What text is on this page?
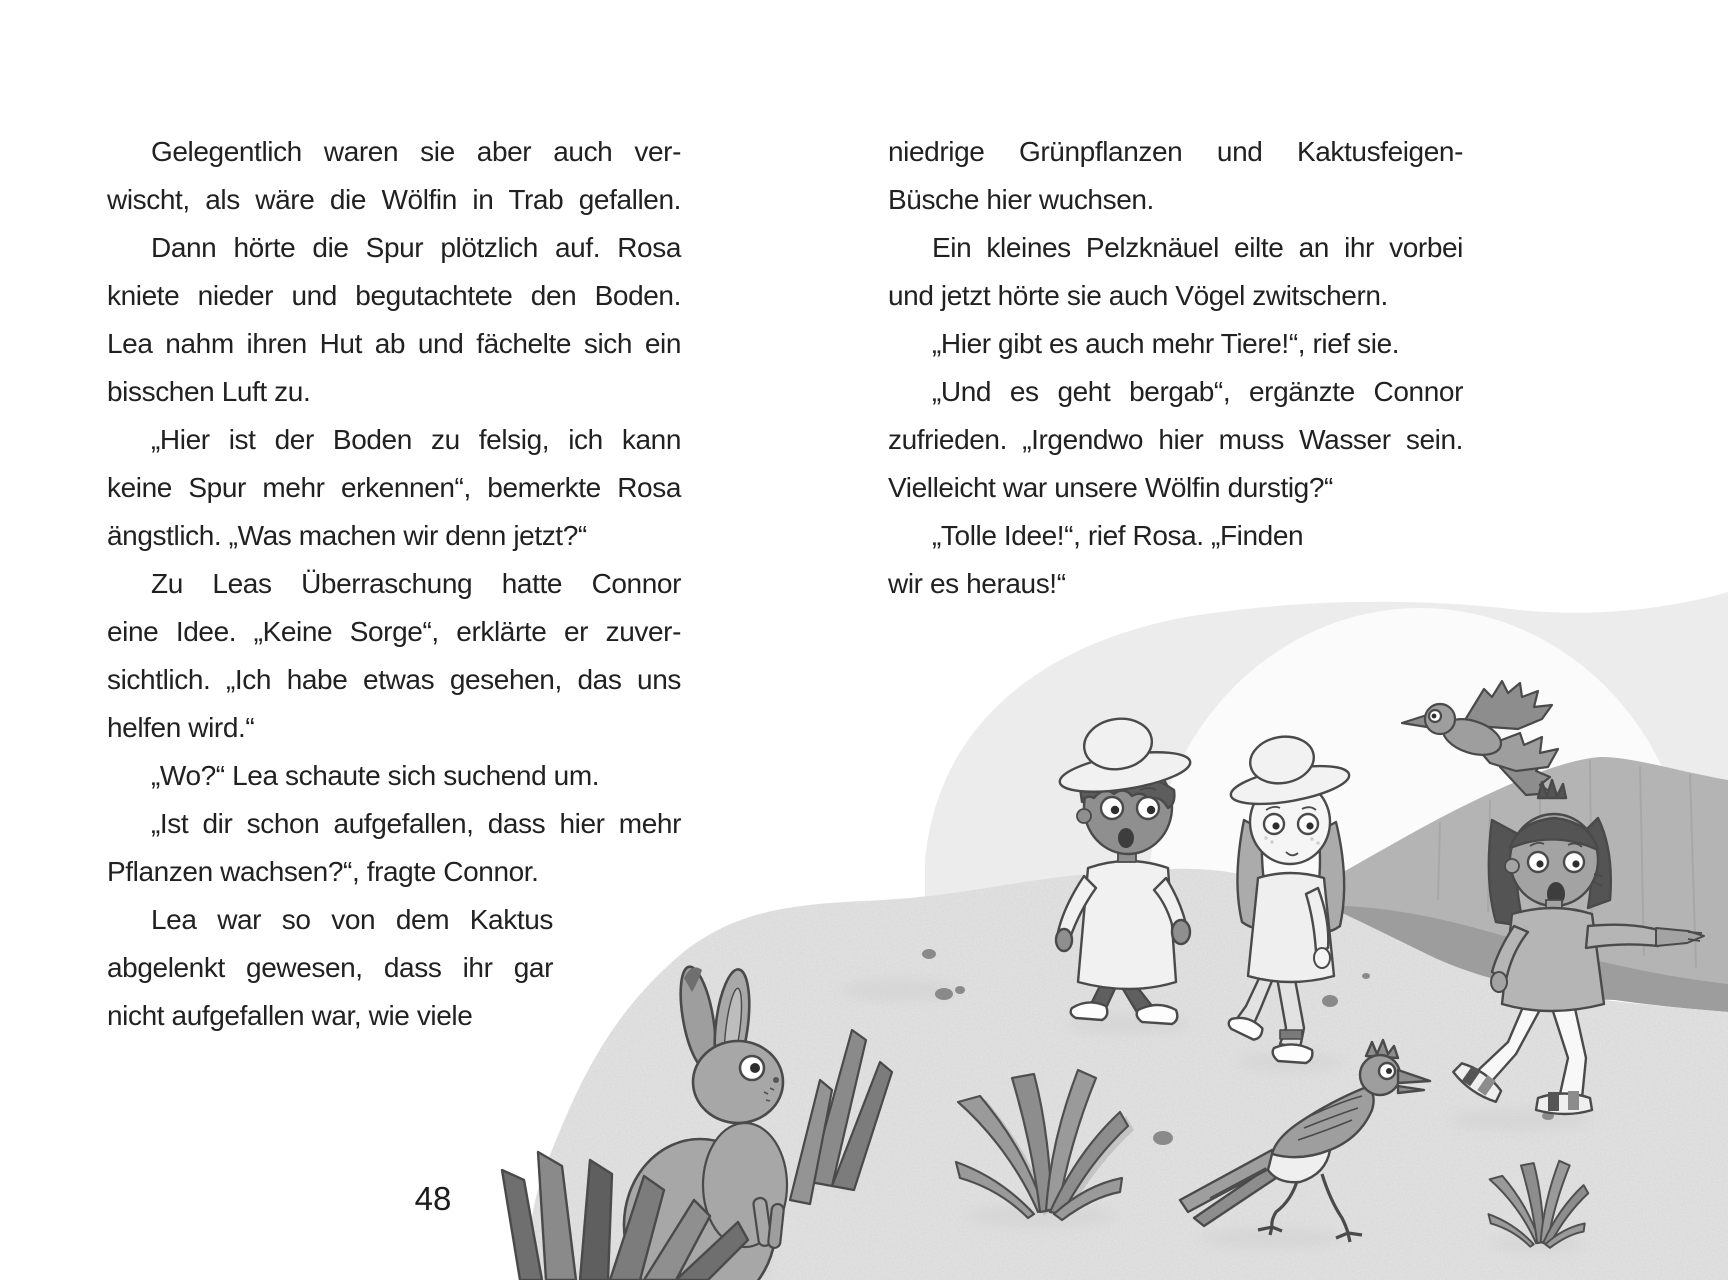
Gelegentlich waren sie aber auch ver-
wischt, als wäre die Wölfin in Trab gefallen.
Dann hörte die Spur plötzlich auf. Rosa
kniete nieder und begutachtete den Boden.
Lea nahm ihren Hut ab und fächelte sich ein
bisschen Luft zu.
„Hier ist der Boden zu felsig, ich kann
keine Spur mehr erkennen“, bemerkte Rosa
ängstlich. „Was machen wir denn jetzt?“
Zu Leas Überraschung hatte Connor
eine Idee. „Keine Sorge“, erklärte er zuver-
sichtlich. „Ich habe etwas gesehen, das uns
helfen wird.“
„Wo?“ Lea schaute sich suchend um.
„Ist dir schon aufgefallen, dass hier mehr
Pflanzen wachsen?“, fragte Connor.
Lea war so von dem Kaktus
abgelenkt gewesen, dass ihr gar
nicht aufgefallen war, wie viele
niedrige Grünpflanzen und Kaktusfeigen-
Büsche hier wuchsen.
Ein kleines Pelzknäuel eilte an ihr vorbei
und jetzt hörte sie auch Vögel zwitschern.
„Hier gibt es auch mehr Tiere!“, rief sie.
„Und es geht bergab“, ergänzte Connor
zufrieden. „Irgendwo hier muss Wasser sein.
Vielleicht war unsere Wölfin durstig?“
„Tolle Idee!“, rief Rosa. „Finden
wir es heraus!“
48
